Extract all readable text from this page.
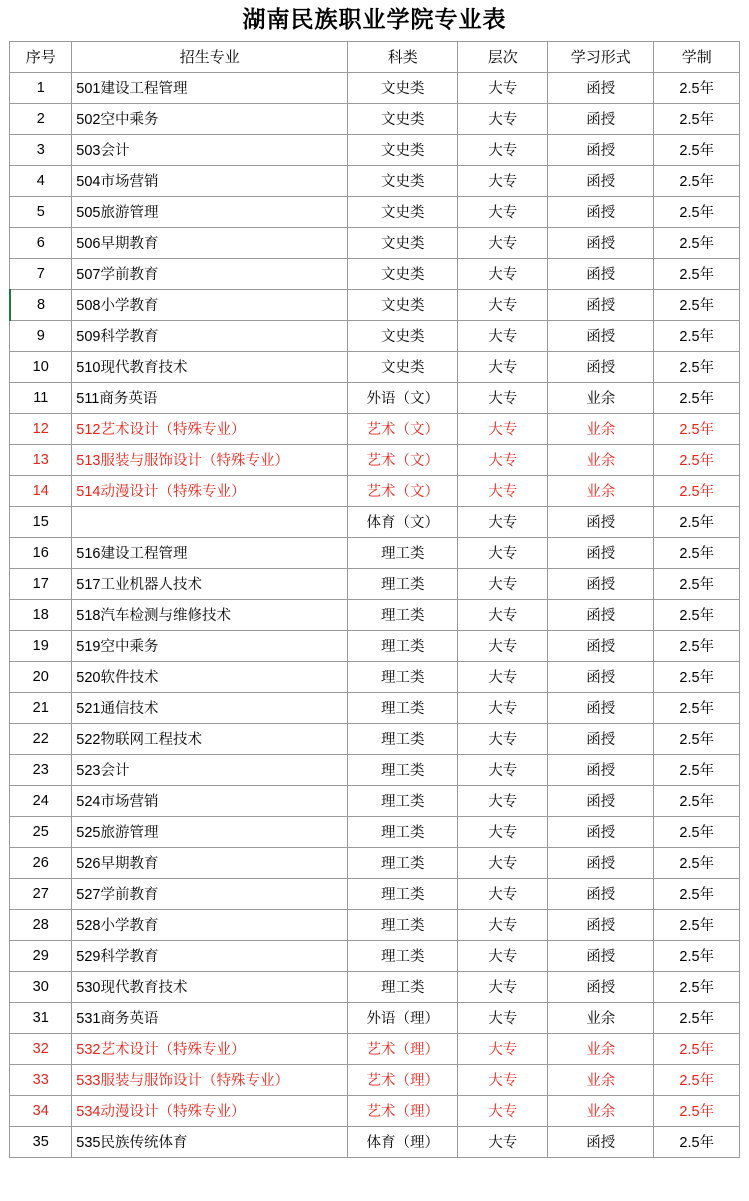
湖南民族职业学院专业表
序号	招生专业	科类	层次	学习形式	学制
1	501建设工程管理	文史类	大专	函授	2.5年
2	502空中乘务	文史类	大专	函授	2.5年
3	503会计	文史类	大专	函授	2.5年
4	504市场营销	文史类	大专	函授	2.5年
5	505旅游管理	文史类	大专	函授	2.5年
6	506早期教育	文史类	大专	函授	2.5年
7	507学前教育	文史类	大专	函授	2.5年
8	508小学教育	文史类	大专	函授	2.5年
9	509科学教育	文史类	大专	函授	2.5年
10	510现代教育技术	文史类	大专	函授	2.5年
11	511商务英语	外语（文）	大专	业余	2.5年
12	512艺术设计（特殊专业）	艺术（文）	大专	业余	2.5年
13	513服装与服饰设计（特殊专业）	艺术（文）	大专	业余	2.5年
14	514动漫设计（特殊专业）	艺术（文）	大专	业余	2.5年
15		体育（文）	大专	函授	2.5年
16	516建设工程管理	理工类	大专	函授	2.5年
17	517工业机器人技术	理工类	大专	函授	2.5年
18	518汽车检测与维修技术	理工类	大专	函授	2.5年
19	519空中乘务	理工类	大专	函授	2.5年
20	520软件技术	理工类	大专	函授	2.5年
21	521通信技术	理工类	大专	函授	2.5年
22	522物联网工程技术	理工类	大专	函授	2.5年
23	523会计	理工类	大专	函授	2.5年
24	524市场营销	理工类	大专	函授	2.5年
25	525旅游管理	理工类	大专	函授	2.5年
26	526早期教育	理工类	大专	函授	2.5年
27	527学前教育	理工类	大专	函授	2.5年
28	528小学教育	理工类	大专	函授	2.5年
29	529科学教育	理工类	大专	函授	2.5年
30	530现代教育技术	理工类	大专	函授	2.5年
31	531商务英语	外语（理）	大专	业余	2.5年
32	532艺术设计（特殊专业）	艺术（理）	大专	业余	2.5年
33	533服装与服饰设计（特殊专业）	艺术（理）	大专	业余	2.5年
34	534动漫设计（特殊专业）	艺术（理）	大专	业余	2.5年
35	535民族传统体育	体育（理）	大专	函授	2.5年
